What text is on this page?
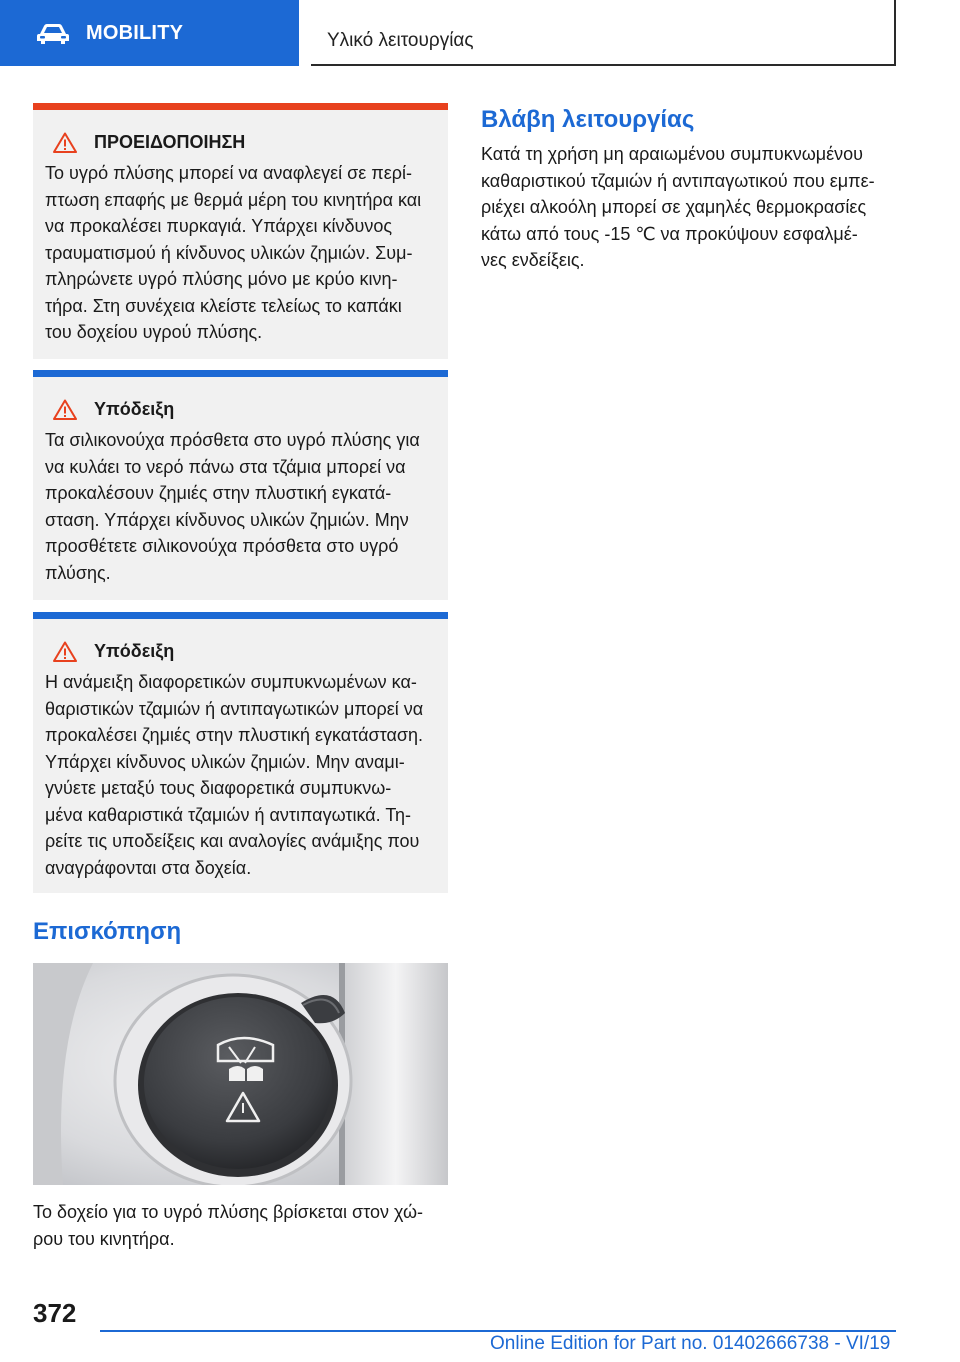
MOBILITY	Υλικό λειτουργίας
ΠΡΟΕΙΔΟΠΟΙΗΣΗ
Το υγρό πλύσης μπορεί να αναφλεγεί σε περί-
πτωση επαφής με θερμά μέρη του κινητήρα και
να προκαλέσει πυρκαγιά. Υπάρχει κίνδυνος
τραυματισμού ή κίνδυνος υλικών ζημιών. Συμ-
πληρώνετε υγρό πλύσης μόνο με κρύο κινη-
τήρα. Στη συνέχεια κλείστε τελείως το καπάκι
του δοχείου υγρού πλύσης.
Υπόδειξη
Τα σιλικονούχα πρόσθετα στο υγρό πλύσης για
να κυλάει το νερό πάνω στα τζάμια μπορεί να
προκαλέσουν ζημιές στην πλυστική εγκατά-
σταση. Υπάρχει κίνδυνος υλικών ζημιών. Μην
προσθέτετε σιλικονούχα πρόσθετα στο υγρό
πλύσης.
Υπόδειξη
Η ανάμειξη διαφορετικών συμπυκνωμένων κα-
θαριστικών τζαμιών ή αντιπαγωτικών μπορεί να
προκαλέσει ζημιές στην πλυστική εγκατάσταση.
Υπάρχει κίνδυνος υλικών ζημιών. Μην αναμι-
γνύετε μεταξύ τους διαφορετικά συμπυκνω-
μένα καθαριστικά τζαμιών ή αντιπαγωτικά. Τη-
ρείτε τις υποδείξεις και αναλογίες ανάμιξης που
αναγράφονται στα δοχεία.
Επισκόπηση
Το δοχείο για το υγρό πλύσης βρίσκεται στον χώ-
ρου του κινητήρα.
Βλάβη λειτουργίας
Κατά τη χρήση μη αραιωμένου συμπυκνωμένου
καθαριστικού τζαμιών ή αντιπαγωτικού που εμπε-
ριέχει αλκοόλη μπορεί σε χαμηλές θερμοκρασίες
κάτω από τους -15 ℃ να προκύψουν εσφαλμέ-
νες ενδείξεις.
372
Online Edition for Part no. 01402666738 - VI/19
